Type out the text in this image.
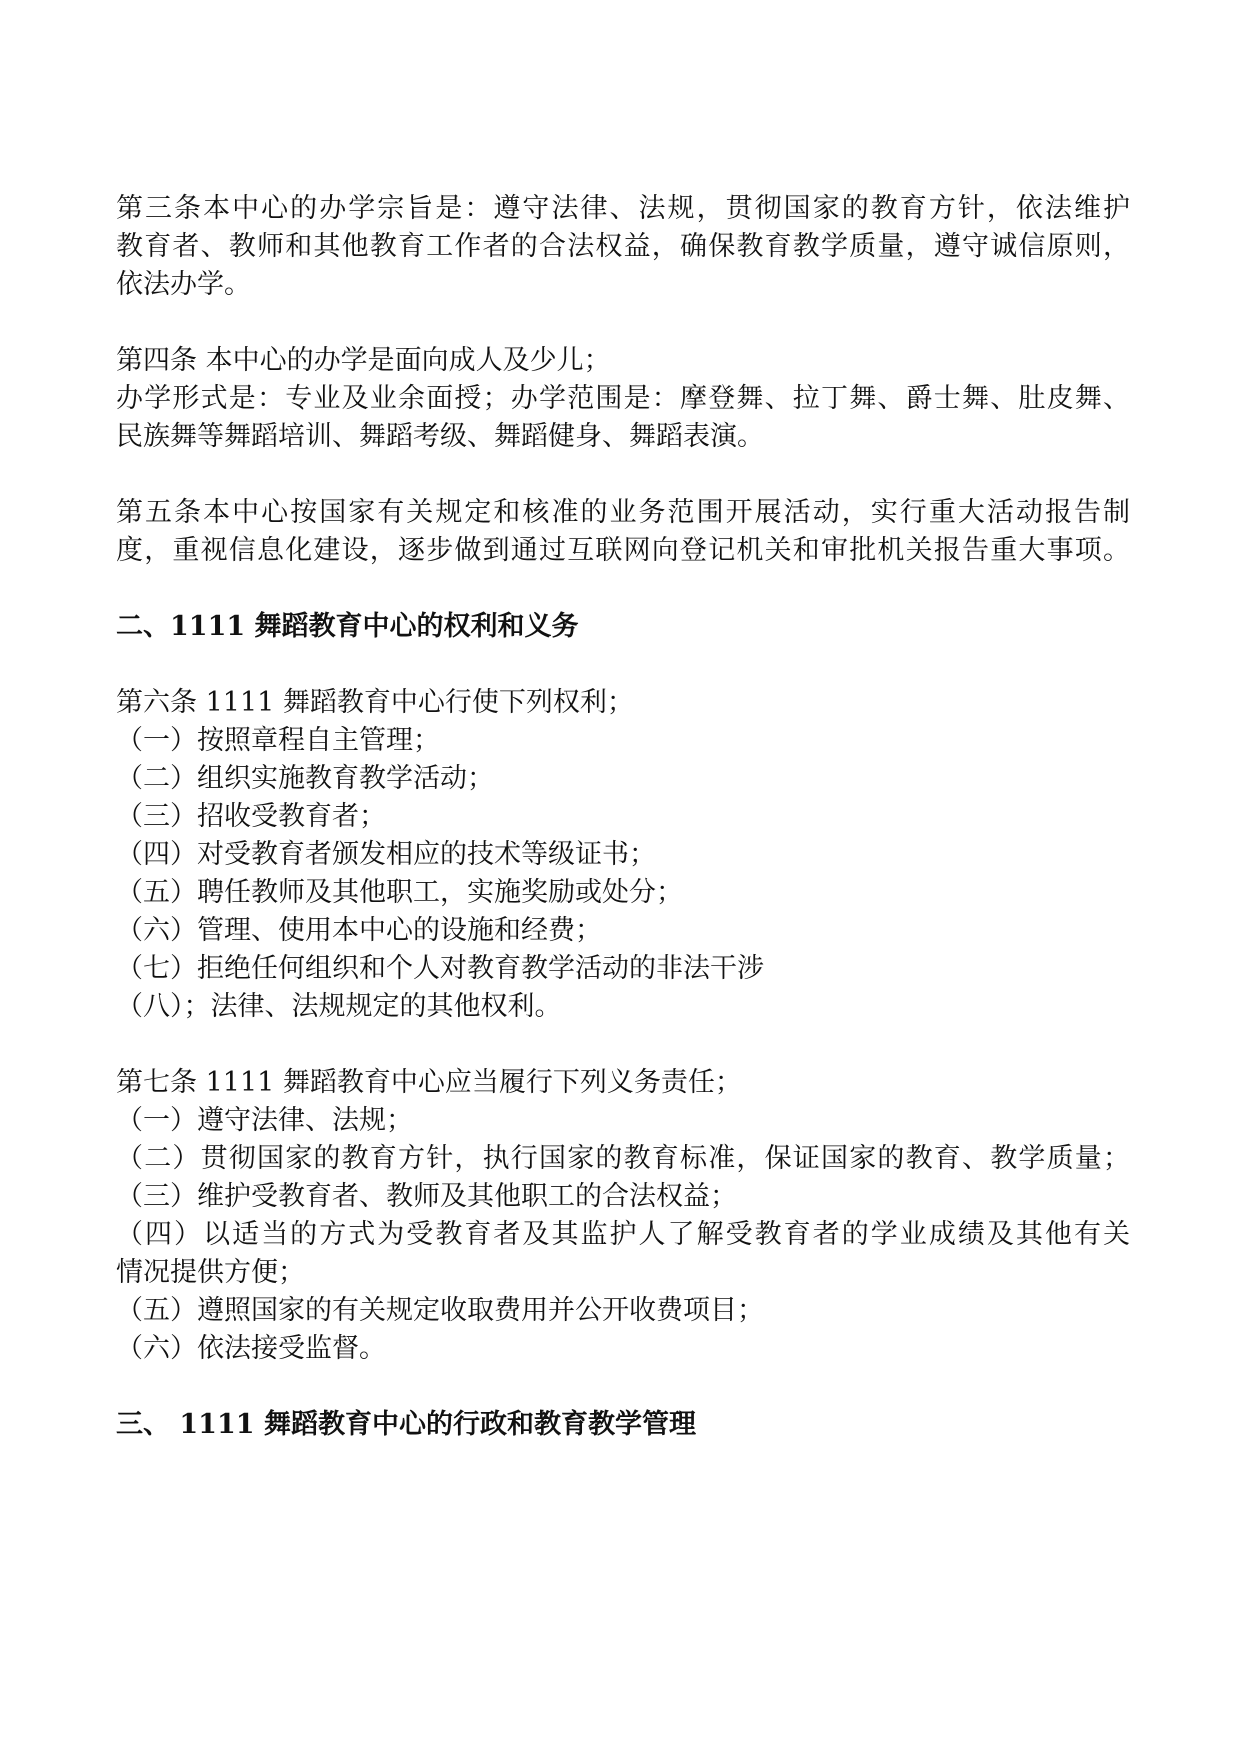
第三条本中心的办学宗旨是：遵守法律、法规，贯彻国家的教育方针，依法维护

教育者、教师和其他教育工作者的合法权益，确保教育教学质量，遵守诚信原则，

依法办学。

第四条 本中心的办学是面向成人及少儿；

办学形式是：专业及业余面授；办学范围是：摩登舞、拉丁舞、爵士舞、肚皮舞、

民族舞等舞蹈培训、舞蹈考级、舞蹈健身、舞蹈表演。

第五条本中心按国家有关规定和核准的业务范围开展活动，实行重大活动报告制

度，重视信息化建设，逐步做到通过互联网向登记机关和审批机关报告重大事项。

二、1111 舞蹈教育中心的权利和义务

第六条 1111 舞蹈教育中心行使下列权利；

（一）按照章程自主管理；

（二）组织实施教育教学活动；

（三）招收受教育者；

（四）对受教育者颁发相应的技术等级证书；

（五）聘任教师及其他职工，实施奖励或处分；

（六）管理、使用本中心的设施和经费；

（七）拒绝任何组织和个人对教育教学活动的非法干涉

（八）；法律、法规规定的其他权利。

第七条 1111 舞蹈教育中心应当履行下列义务责任；

（一）遵守法律、法规；

（二）贯彻国家的教育方针，执行国家的教育标准，保证国家的教育、教学质量；

（三）维护受教育者、教师及其他职工的合法权益；

（四）以适当的方式为受教育者及其监护人了解受教育者的学业成绩及其他有关

情况提供方便；

（五）遵照国家的有关规定收取费用并公开收费项目；

（六）依法接受监督。

三、 1111 舞蹈教育中心的行政和教育教学管理
